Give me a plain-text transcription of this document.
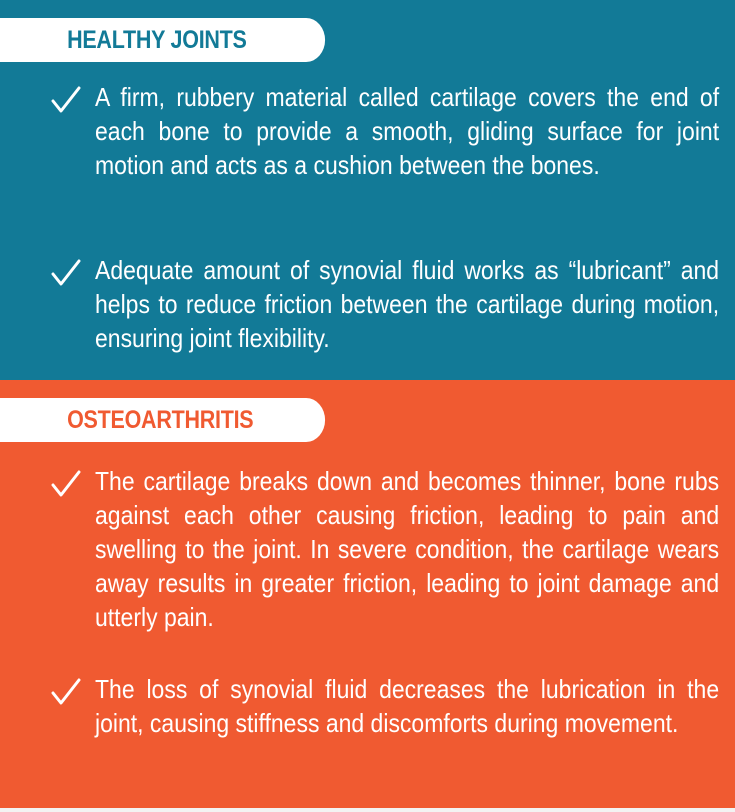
HEALTHY JOINTS
A firm, rubbery material called cartilage covers the end of each bone to provide a smooth, gliding surface for joint motion and acts as a cushion between the bones.
Adequate amount of synovial fluid works as “lubricant” and helps to reduce friction between the cartilage during motion, ensuring joint flexibility.
OSTEOARTHRITIS
The cartilage breaks down and becomes thinner, bone rubs against each other causing friction, leading to pain and swelling to the joint. In severe condition, the cartilage wears away results in greater friction, leading to joint damage and utterly pain.
The loss of synovial fluid decreases the lubrication in the joint, causing stiffness and discomforts during movement.
